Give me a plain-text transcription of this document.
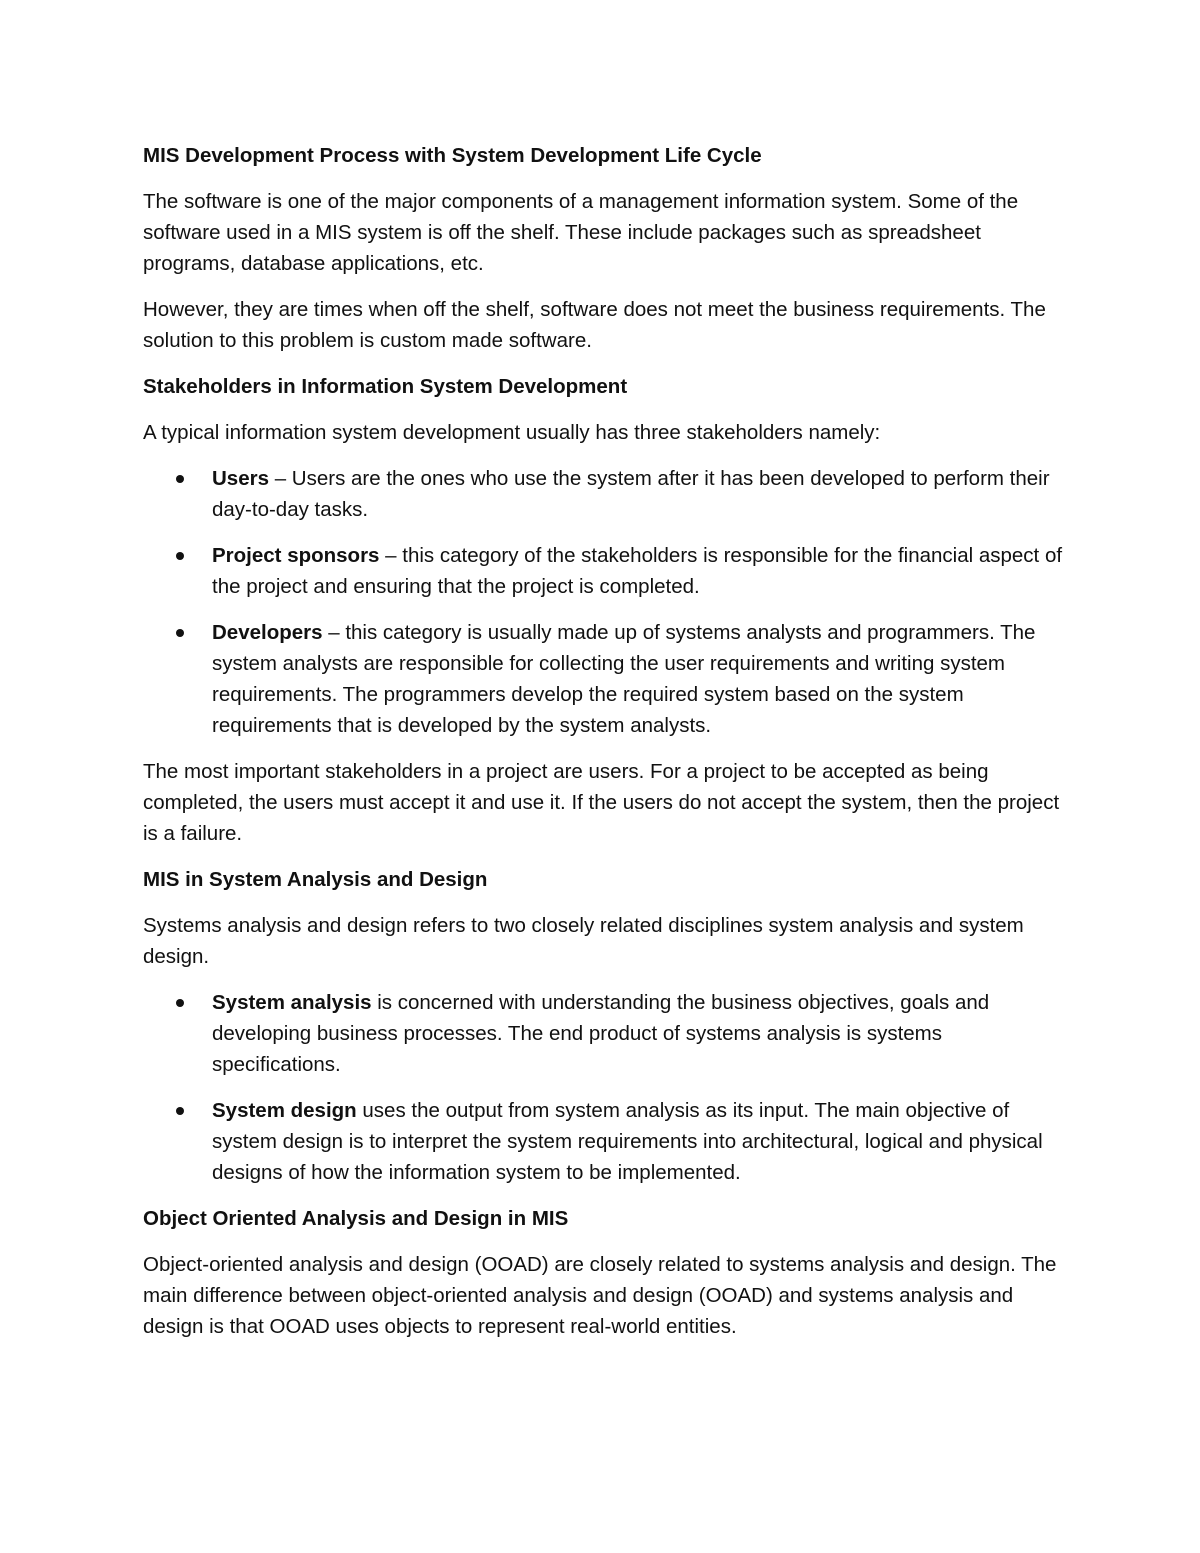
MIS Development Process with System Development Life Cycle
The software is one of the major components of a management information system. Some of the software used in a MIS system is off the shelf. These include packages such as spreadsheet programs, database applications, etc.
However, they are times when off the shelf, software does not meet the business requirements. The solution to this problem is custom made software.
Stakeholders in Information System Development
A typical information system development usually has three stakeholders namely:
Users – Users are the ones who use the system after it has been developed to perform their day-to-day tasks.
Project sponsors – this category of the stakeholders is responsible for the financial aspect of the project and ensuring that the project is completed.
Developers – this category is usually made up of systems analysts and programmers. The system analysts are responsible for collecting the user requirements and writing system requirements. The programmers develop the required system based on the system requirements that is developed by the system analysts.
The most important stakeholders in a project are users. For a project to be accepted as being completed, the users must accept it and use it. If the users do not accept the system, then the project is a failure.
MIS in System Analysis and Design
Systems analysis and design refers to two closely related disciplines system analysis and system design.
System analysis is concerned with understanding the business objectives, goals and developing business processes. The end product of systems analysis is systems specifications.
System design uses the output from system analysis as its input. The main objective of system design is to interpret the system requirements into architectural, logical and physical designs of how the information system to be implemented.
Object Oriented Analysis and Design in MIS
Object-oriented analysis and design (OOAD) are closely related to systems analysis and design. The main difference between object-oriented analysis and design (OOAD) and systems analysis and design is that OOAD uses objects to represent real-world entities.
